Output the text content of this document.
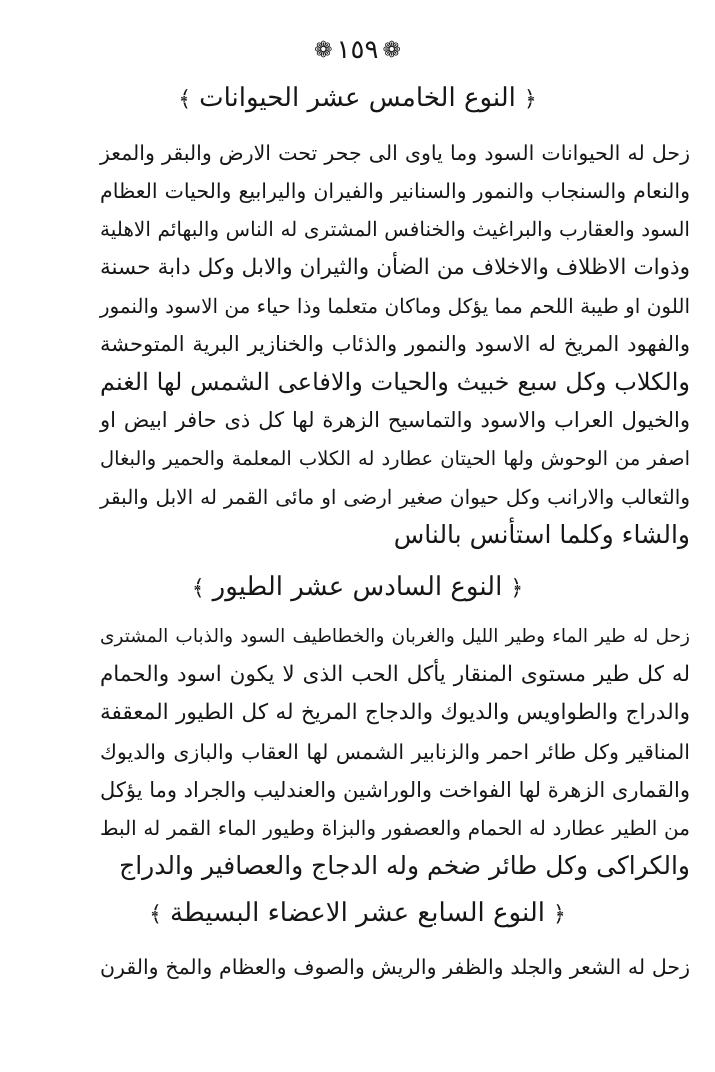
❁١٥٩❁
﴿النوع الخامس عشر الحيوانات﴾
زحل له الحيوانات السود وما ياوى الى جحر تحت الارض والبقر والمعز
والنعام والسنجاب والنمور والسنانير والفيران واليرابيع والحيات العظام
السود والعقارب والبراغيث والخنافس المشترى له الناس والبهائم الاهلية
وذوات الاظلاف والاخلاف من الضأن والثيران والابل وكل دابة حسنة
اللون او طيبة اللحم مما يؤكل وماكان متعلما وذا حياء من الاسود والنمور
والفهود المريخ له الاسود والنمور والذئاب والخنازير البرية المتوحشة
والكلاب وكل سبع خبيث والحيات والافاعى الشمس لها الغنم
والخيول العراب والاسود والتماسيح الزهرة لها كل ذى حافر ابيض او
اصفر من الوحوش ولها الحيتان عطارد له الكلاب المعلمة والحمير والبغال
والثعالب والارانب وكل حيوان صغير ارضى او مائى القمر له الابل والبقر
والشاء وكلما استأنس بالناس
﴿النوع السادس عشر الطيور﴾
زحل له طير الماء وطير الليل والغربان والخطاطيف السود والذباب المشترى
له كل طير مستوى المنقار يأكل الحب الذى لا يكون اسود والحمام
والدراج والطواويس والديوك والدجاج المريخ له كل الطيور المعقفة
المناقير وكل طائر احمر والزنابير الشمس لها العقاب والبازى والديوك
والقمارى الزهرة لها الفواخت والوراشين والعندليب والجراد وما يؤكل
من الطير عطارد له الحمام والعصفور والبزاة وطيور الماء القمر له البط
والكراكى وكل طائر ضخم وله الدجاج والعصافير والدراج
﴿النوع السابع عشر الاعضاء البسيطة﴾
زحل له الشعر والجلد والظفر والريش والصوف والعظام والمخ والقرن
